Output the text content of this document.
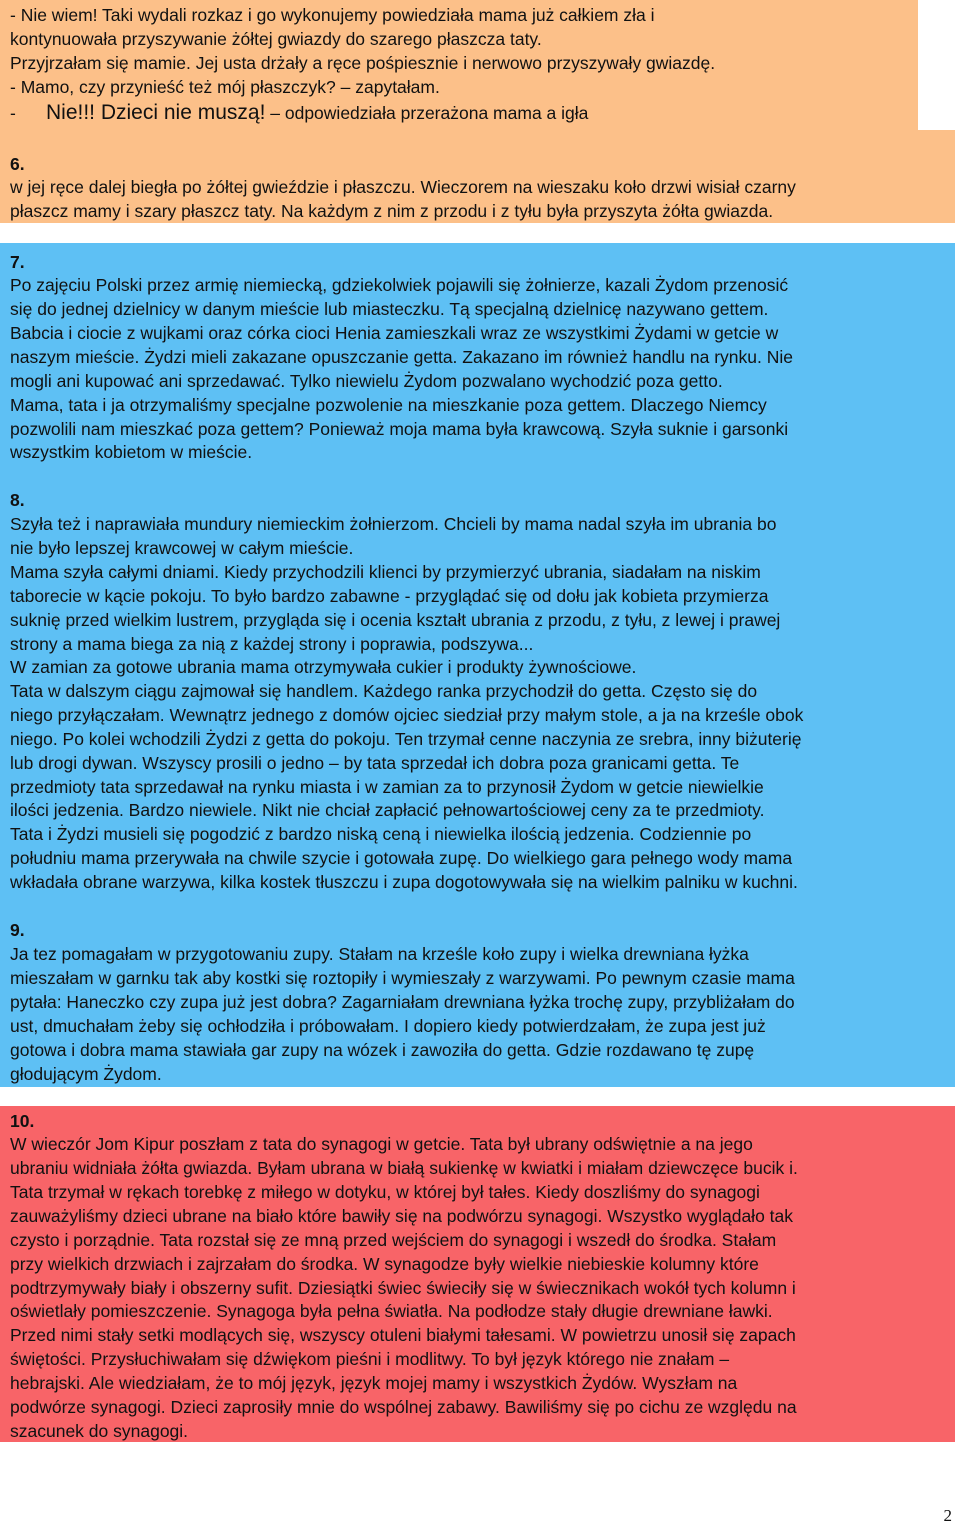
- Nie wiem! Taki wydali rozkaz i go wykonujemy powiedziała mama już całkiem zła i
kontynuowała przyszywanie żółtej gwiazdy do szarego płaszcza taty.
Przyjrzałam się mamie. Jej usta drżały a ręce pośpiesznie i nerwowo przyszywały gwiazdę.
- Mamo, czy przynieść też mój płaszczyk? – zapytałam.
- Nie!!! Dzieci nie muszą! – odpowiedziała przerażona mama a igła
6.
w jej ręce dalej biegła po żółtej gwieździe i płaszczu. Wieczorem na wieszaku koło drzwi wisiał czarny
płaszcz mamy i szary płaszcz taty. Na każdym z nim z przodu i z tyłu była przyszyta żółta gwiazda.
7.
Po zajęciu Polski przez armię niemiecką, gdziekolwiek pojawili się żołnierze, kazali Żydom przenosić
się do jednej dzielnicy w danym mieście lub miasteczku. Tą specjalną dzielnicę nazywano gettem.
Babcia i ciocie z wujkami oraz córka cioci Henia zamieszkali wraz ze wszystkimi Żydami w getcie w
naszym mieście. Żydzi mieli zakazane opuszczanie getta. Zakazano im również handlu na rynku. Nie
mogli ani kupować ani sprzedawać. Tylko niewielu Żydom pozwalano wychodzić poza getto.
Mama, tata i ja otrzymaliśmy specjalne pozwolenie na mieszkanie poza gettem. Dlaczego Niemcy
pozwolili nam mieszkać poza gettem? Ponieważ moja mama była krawcową. Szyła suknie i garsonki
wszystkim kobietom w mieście.
8.
Szyła też i naprawiała mundury niemieckim żołnierzom. Chcieli by mama nadal szyła im ubrania bo
nie było lepszej krawcowej w całym mieście.
Mama szyła całymi dniami. Kiedy przychodzili klienci by przymierzyć ubrania, siadałam na niskim
taborecie w kącie pokoju. To było bardzo zabawne - przyglądać się od dołu jak kobieta przymierza
suknię przed wielkim lustrem, przygląda się i ocenia kształt ubrania z przodu, z tyłu, z lewej i prawej
strony a mama biega za nią z każdej strony i poprawia, podszywa...
W zamian za gotowe ubrania mama otrzymywała cukier i produkty żywnościowe.
Tata w dalszym ciągu zajmował się handlem. Każdego ranka przychodził do getta. Często się do
niego przyłączałam. Wewnątrz jednego z domów ojciec siedział przy małym stole, a ja na krześle obok
niego. Po kolei wchodzili Żydzi z getta do pokoju. Ten trzymał cenne naczynia ze srebra, inny biżuterię
lub drogi dywan. Wszyscy prosili o jedno – by tata sprzedał ich dobra poza granicami getta. Te
przedmioty tata sprzedawał na rynku miasta i w zamian za to przynosił Żydom w getcie niewielkie
ilości jedzenia. Bardzo niewiele. Nikt nie chciał zapłacić pełnowartościowej ceny za te przedmioty.
Tata i Żydzi musieli się pogodzić z bardzo niską ceną i niewielka ilością jedzenia. Codziennie po
południu mama przerywała na chwile szycie i gotowała zupę. Do wielkiego gara pełnego wody mama
wkładała obrane warzywa, kilka kostek tłuszczu i zupa dogotowywała się na wielkim palniku w kuchni.
9.
Ja tez pomagałam w przygotowaniu zupy. Stałam na krześle koło zupy i wielka drewniana łyżka
mieszałam w garnku tak aby kostki się roztopiły i wymieszały z warzywami. Po pewnym czasie mama
pytała: Haneczko czy zupa już jest dobra? Zagarniałam drewniana łyżka trochę zupy, przybliżałam do
ust, dmuchałam żeby się ochłodziła i próbowałam. I dopiero kiedy potwierdzałam, że zupa jest już
gotowa i dobra mama stawiała gar zupy na wózek i zawoziła do getta. Gdzie rozdawano tę zupę
głodującym Żydom.
10.
W wieczór Jom Kipur poszłam z tata do synagogi w getcie. Tata był ubrany odświętnie a na jego
ubraniu widniała żółta gwiazda. Byłam ubrana w białą sukienkę w kwiatki i miałam dziewczęce bucik i.
Tata trzymał w rękach torebkę z miłego w dotyku, w której był tałes. Kiedy doszliśmy do synagogi
zauważyliśmy dzieci ubrane na biało które bawiły się na podwórzu synagogi. Wszystko wyglądało tak
czysto i porządnie. Tata rozstał się ze mną przed wejściem do synagogi i wszedł do środka. Stałam
przy wielkich drzwiach i zajrzałam do środka. W synagodze były wielkie niebieskie kolumny które
podtrzymywały biały i obszerny sufit. Dziesiątki świec świeciły się w świecznikach wokół tych kolumn i
oświetlały pomieszczenie. Synagoga była pełna światła. Na podłodze stały długie drewniane ławki.
Przed nimi stały setki modlących się, wszyscy otuleni białymi tałesami. W powietrzu unosił się zapach
świętości. Przysłuchiwałam się dźwiękom pieśni i modlitwy. To był język którego nie znałam –
hebrajski. Ale wiedziałam, że to mój język, język mojej mamy i wszystkich Żydów. Wyszłam na
podwórze synagogi. Dzieci zaprosiły mnie do wspólnej zabawy. Bawiliśmy się po cichu ze względu na
szacunek do synagogi.
2
